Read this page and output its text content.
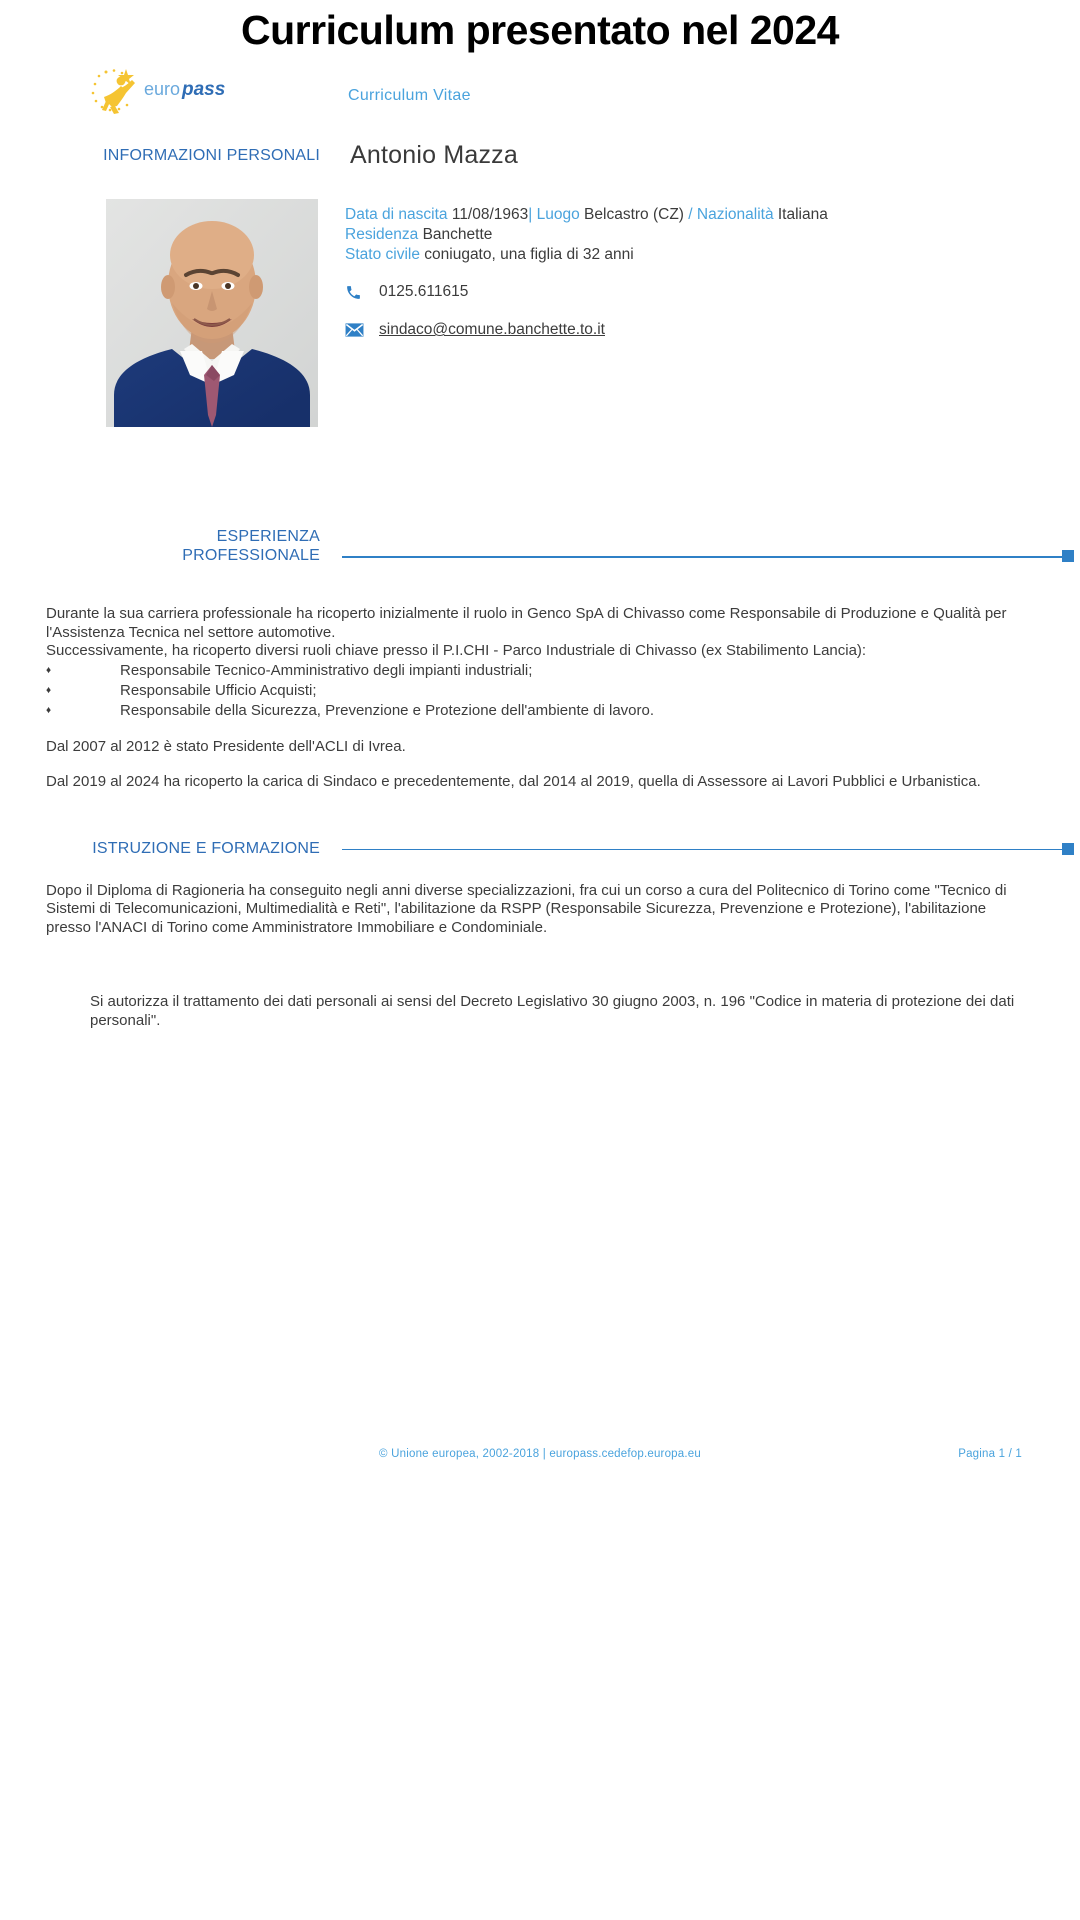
Curriculum presentato nel 2024
euro pass	Curriculum Vitae
INFORMAZIONI PERSONALI Antonio Mazza
Data di nascita 11/08/1963| Luogo Belcastro (CZ) / Nazionalità Italiana
Residenza Banchette
Stato civile coniugato, una figlia di 32 anni
0125.611615
sindaco@comune.banchette.to.it
ESPERIENZA
PROFESSIONALE

Durante la sua carriera professionale ha ricoperto inizialmente il ruolo in Genco SpA di Chivasso come Responsabile di Produzione e Qualità per l'Assistenza Tecnica nel settore automotive.

Successivamente, ha ricoperto diversi ruoli chiave presso il P.I.CHI - Parco Industriale di Chivasso (ex Stabilimento Lancia):

♦ Responsabile Tecnico-Amministrativo degli impianti industriali;
♦ Responsabile Ufficio Acquisti;
♦ Responsabile della Sicurezza, Prevenzione e Protezione dell'ambiente di lavoro.

Dal 2007 al 2012 è stato Presidente dell'ACLI di Ivrea.

Dal 2019 al 2024 ha ricoperto la carica di Sindaco e precedentemente, dal 2014 al 2019, quella di Assessore ai Lavori Pubblici e Urbanistica.

ISTRUZIONE E FORMAZIONE

Dopo il Diploma di Ragioneria ha conseguito negli anni diverse specializzazioni, fra cui un corso a cura del Politecnico di Torino come "Tecnico di Sistemi di Telecomunicazioni, Multimedialità e Reti", l'abilitazione da RSPP (Responsabile Sicurezza, Prevenzione e Protezione), l'abilitazione presso l'ANACI di Torino come Amministratore Immobiliare e Condominiale.

Si autorizza il trattamento dei dati personali ai sensi del Decreto Legislativo 30 giugno 2003, n. 196 "Codice in materia di protezione dei dati personali".
© Unione europea, 2002-2018 | europass.cedefop.europa.eu	Pagina 1 / 1
